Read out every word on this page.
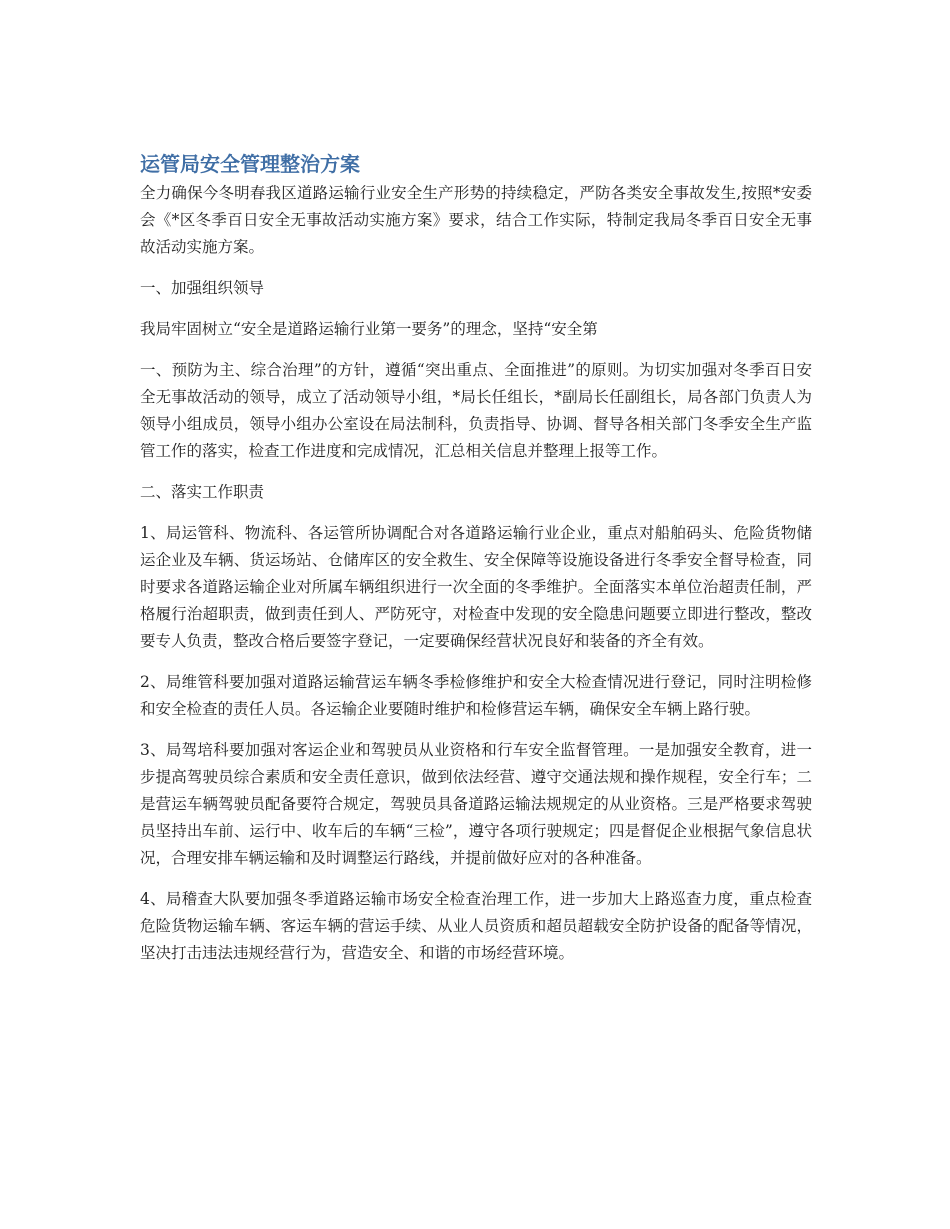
运管局安全管理整治方案

全力确保今冬明春我区道路运输行业安全生产形势的持续稳定，严防各类安全事故发生,按照*安委会《*区冬季百日安全无事故活动实施方案》要求，结合工作实际，特制定我局冬季百日安全无事故活动实施方案。

一、加强组织领导

我局牢固树立“安全是道路运输行业第一要务”的理念，坚持“安全第

一、预防为主、综合治理”的方针，遵循“突出重点、全面推进”的原则。为切实加强对冬季百日安全无事故活动的领导，成立了活动领导小组，*局长任组长，*副局长任副组长，局各部门负责人为领导小组成员，领导小组办公室设在局法制科，负责指导、协调、督导各相关部门冬季安全生产监管工作的落实，检查工作进度和完成情况，汇总相关信息并整理上报等工作。

二、落实工作职责

1、局运管科、物流科、各运管所协调配合对各道路运输行业企业，重点对船舶码头、危险货物储运企业及车辆、货运场站、仓储库区的安全救生、安全保障等设施设备进行冬季安全督导检查，同时要求各道路运输企业对所属车辆组织进行一次全面的冬季维护。全面落实本单位治超责任制，严格履行治超职责，做到责任到人、严防死守，对检查中发现的安全隐患问题要立即进行整改，整改要专人负责，整改合格后要签字登记，一定要确保经营状况良好和装备的齐全有效。

2、局维管科要加强对道路运输营运车辆冬季检修维护和安全大检查情况进行登记，同时注明检修和安全检查的责任人员。各运输企业要随时维护和检修营运车辆，确保安全车辆上路行驶。

3、局驾培科要加强对客运企业和驾驶员从业资格和行车安全监督管理。一是加强安全教育，进一步提高驾驶员综合素质和安全责任意识，做到依法经营、遵守交通法规和操作规程，安全行车；二是营运车辆驾驶员配备要符合规定，驾驶员具备道路运输法规规定的从业资格。三是严格要求驾驶员坚持出车前、运行中、收车后的车辆“三检”，遵守各项行驶规定；四是督促企业根据气象信息状况，合理安排车辆运输和及时调整运行路线，并提前做好应对的各种准备。

4、局稽查大队要加强冬季道路运输市场安全检查治理工作，进一步加大上路巡查力度，重点检查危险货物运输车辆、客运车辆的营运手续、从业人员资质和超员超载安全防护设备的配备等情况，坚决打击违法违规经营行为，营造安全、和谐的市场经营环境。
